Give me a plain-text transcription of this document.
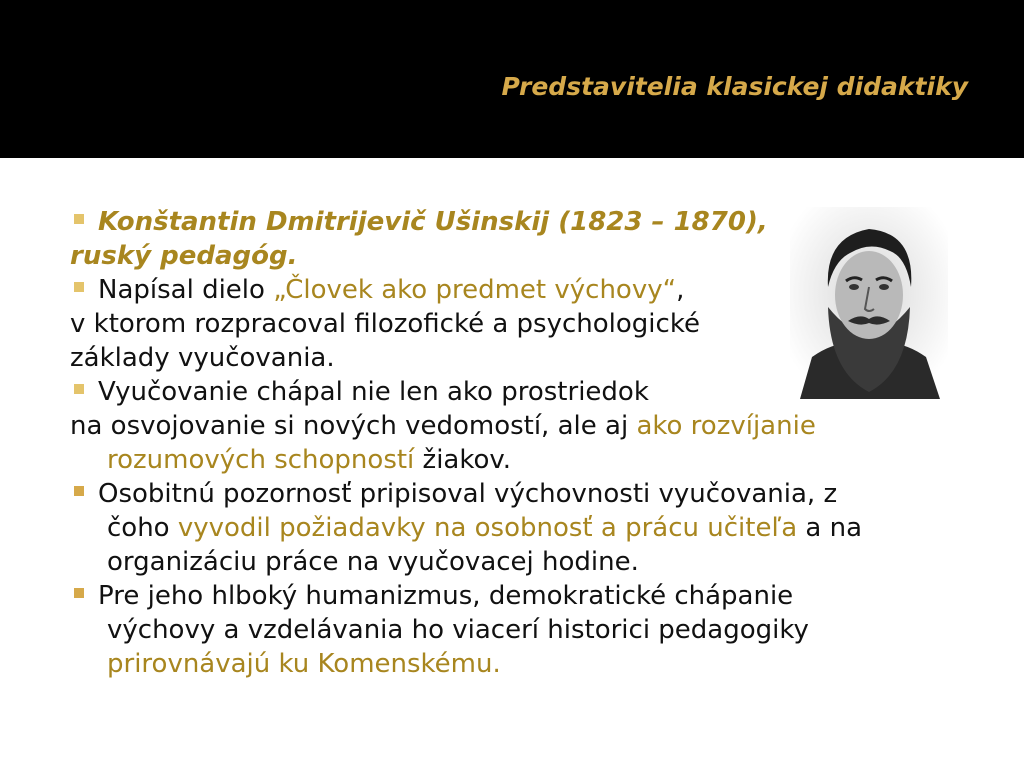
Predstavitelia klasickej didaktiky
Konštantin Dmitrijevič Ušinskij (1823 – 1870),
ruský pedagóg.
Napísal dielo „Človek ako predmet výchovy“,
v ktorom rozpracoval filozofické a psychologické
základy vyučovania.
Vyučovanie chápal nie len ako prostriedok
na osvojovanie si nových vedomostí, ale aj ako rozvíjanie
rozumových schopností žiakov.
Osobitnú pozornosť pripisoval výchovnosti vyučovania, z
čoho vyvodil požiadavky na osobnosť a prácu učiteľa a na
organizáciu práce na vyučovacej hodine.
Pre jeho hlboký humanizmus, demokratické chápanie
výchovy a vzdelávania ho viacerí historici pedagogiky
prirovnávajú ku Komenskému.
